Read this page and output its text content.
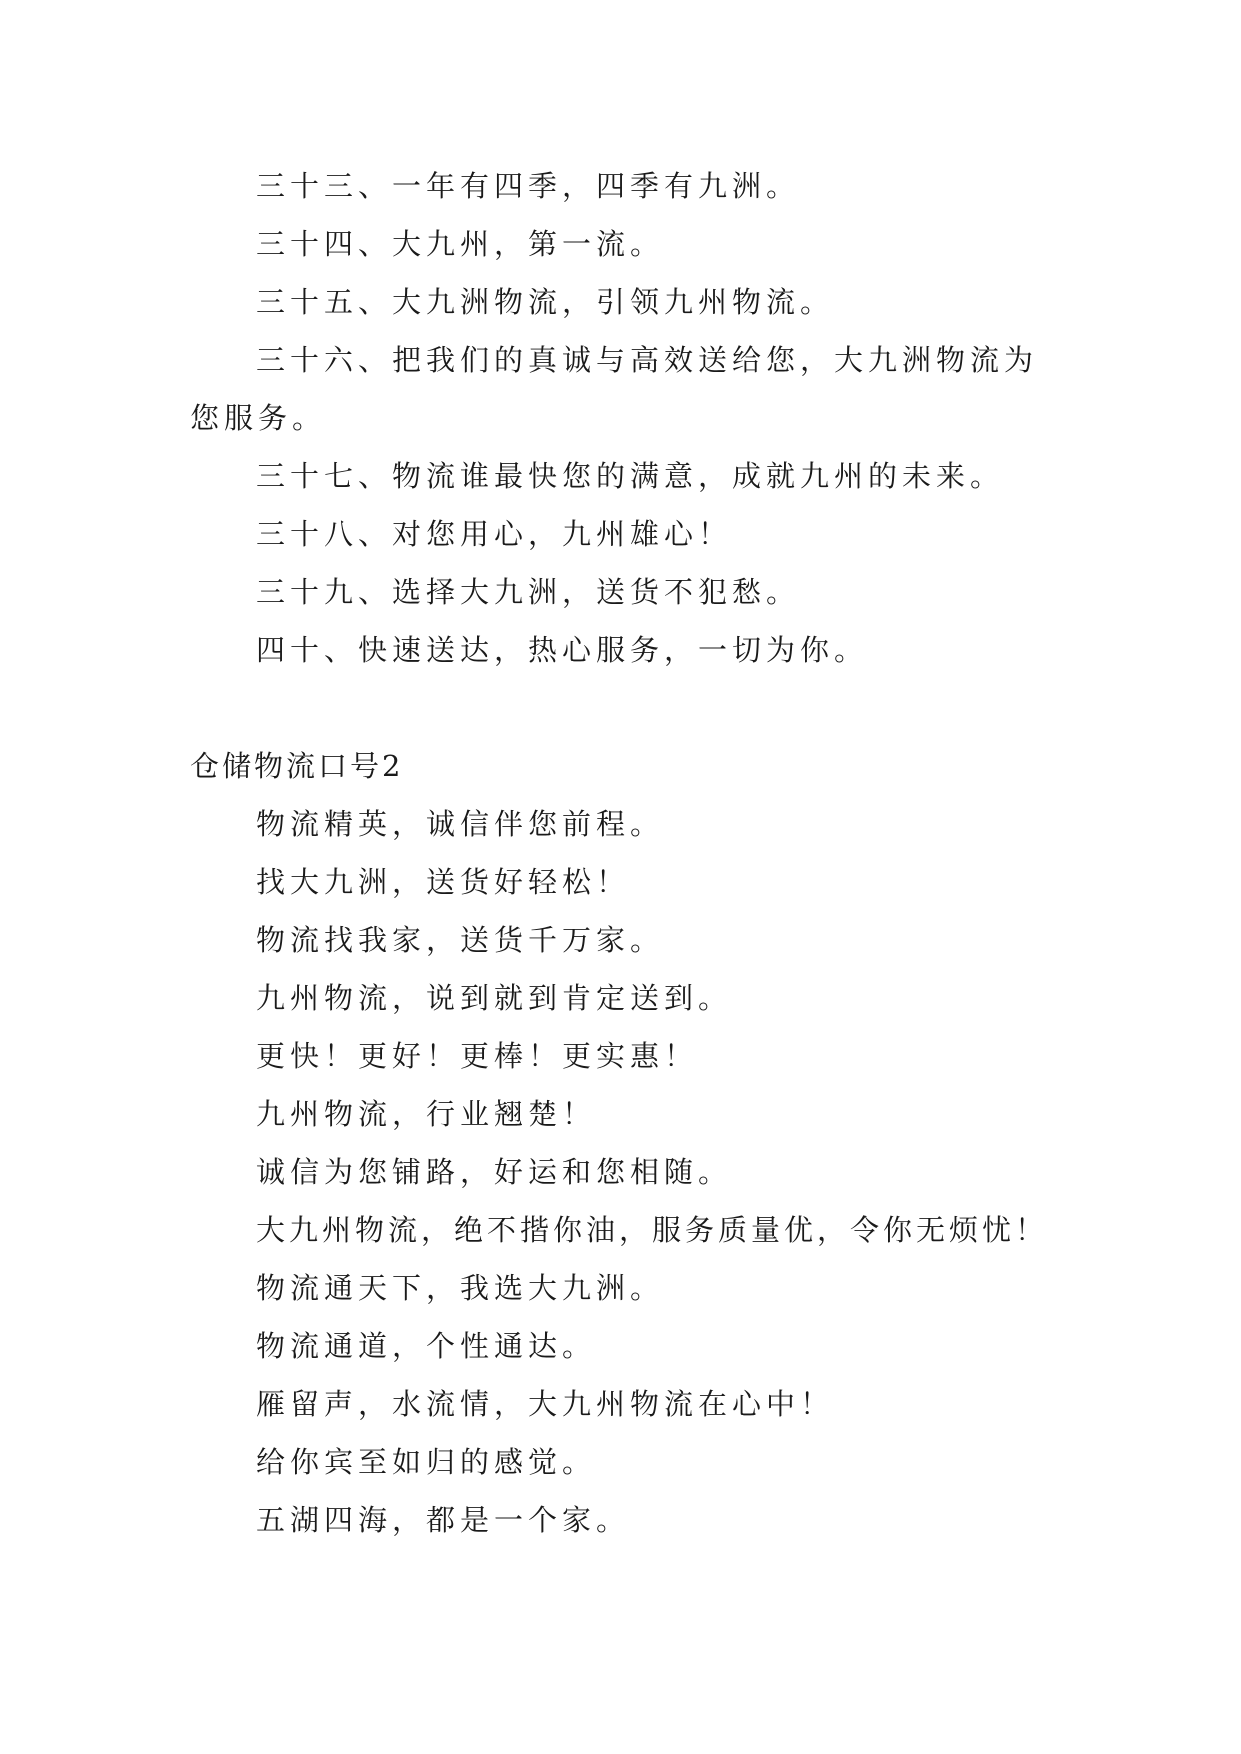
三十三、一年有四季，四季有九洲。
三十四、大九州，第一流。
三十五、大九洲物流，引领九州物流。
三十六、把我们的真诚与高效送给您，大九洲物流为您服务。
三十七、物流谁最快您的满意，成就九州的未来。
三十八、对您用心，九州雄心！
三十九、选择大九洲，送货不犯愁。
四十、快速送达，热心服务，一切为你。
仓储物流口号2
物流精英，诚信伴您前程。
找大九洲，送货好轻松！
物流找我家，送货千万家。
九州物流，说到就到肯定送到。
更快！更好！更棒！更实惠！
九州物流，行业翘楚！
诚信为您铺路，好运和您相随。
大九州物流，绝不揩你油，服务质量优，令你无烦忧！
物流通天下，我选大九洲。
物流通道，个性通达。
雁留声，水流情，大九州物流在心中！
给你宾至如归的感觉。
五湖四海，都是一个家。
